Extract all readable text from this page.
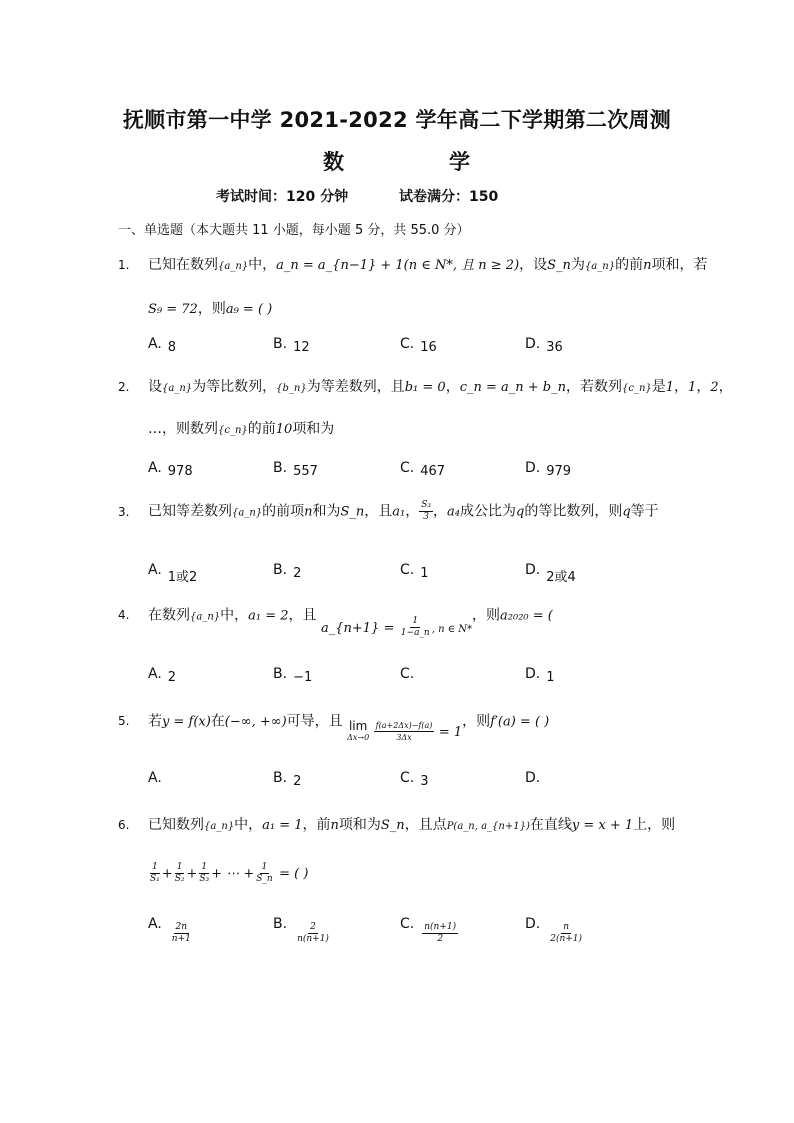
抚顺市第一中学 2021-2022 学年高二下学期第二次周测
数	学
考试时间：120 分钟	试卷满分：150
一、单选题（本大题共 11 小题，每小题 5 分，共 55.0 分）
1. 已知在数列{a_n}中，a_n = a_{n−1} + 1(n ∈ N*, 且 n ≥ 2)，设S_n为{a_n}的前n项和，若
S₉ = 72，则a₉ = ( )
A. 8	B. 12	C. 16	D. 36
2. 设{a_n}为等比数列，{b_n}为等差数列，且b₁ = 0，c_n = a_n + b_n，若数列{c_n}是1，1，2，
…，则数列{c_n}的前10项和为
A. 978	B. 557	C. 467	D. 979
3. 已知等差数列{a_n}的前项n和为S_n，且a₁， $\frac{\text{S₃}}{3}$ ，a₄成公比为q的等比数列，则q等于
A. 1或2	B. 2	C. 1	D. 2或4
4. 在数列{a_n}中，a₁ = 2，且 a_{n+1} = $\frac{1}{1-a\_n}$ , n ∈ N*，则a₂₀₂₀ = (
A. 2	B. −1	C.	D. 1
5. 若y = f(x)在(−∞, +∞)可导，且 lim
Δx→0
$\frac{f(a+2\Delta x)-f(a)}{3\Delta x} = 1$，则f′(a) = ( )
A.	B. 2	C. 3	D.
6. 已知数列{a_n}中，a₁ = 1，前n项和为S_n，且点P(a_n, a_{n+1})在直线y = x + 1上，则
$\frac{1}{\text{S₁}} + \frac{1}{\text{S₂}} + \frac{1}{\text{S₃}}$ + ⋯ + $\frac{1}{S\_n}$ = ( )
A. $\frac{2n}{n+1}$	B. $\frac{2}{n(n+1)}$	C. $\frac{n(n+1)}{2}$	D. $\frac{n}{2(n+1)}$
